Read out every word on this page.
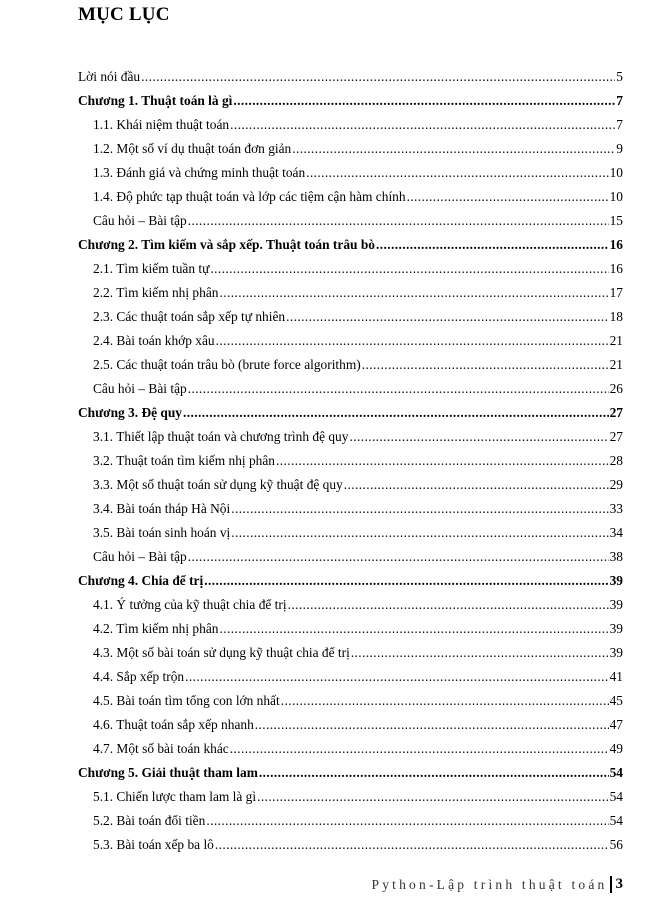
MỤC LỤC
Lời nói đầu .....	5
Chương 1. Thuật toán là gì .....	7
1.1. Khái niệm thuật toán .....	7
1.2. Một số ví dụ thuật toán đơn giản .....	9
1.3. Đánh giá và chứng minh thuật toán .....	10
1.4. Độ phức tạp thuật toán và lớp các tiệm cận hàm chính .....	10
Câu hỏi – Bài tập .....	15
Chương 2. Tìm kiếm và sắp xếp. Thuật toán trâu bò .....	16
2.1. Tìm kiếm tuần tự .....	16
2.2. Tìm kiếm nhị phân .....	17
2.3. Các thuật toán sắp xếp tự nhiên .....	18
2.4. Bài toán khớp xâu .....	21
2.5. Các thuật toán trâu bò (brute force algorithm) .....	21
Câu hỏi – Bài tập .....	26
Chương 3. Đệ quy .....	27
3.1. Thiết lập thuật toán và chương trình đệ quy .....	27
3.2. Thuật toán tìm kiếm nhị phân .....	28
3.3. Một số thuật toán sử dụng kỹ thuật đệ quy .....	29
3.4. Bài toán tháp Hà Nội .....	33
3.5. Bài toán sinh hoán vị .....	34
Câu hỏi – Bài tập .....	38
Chương 4. Chia để trị .....	39
4.1. Ý tưởng của kỹ thuật chia để trị .....	39
4.2. Tìm kiếm nhị phân .....	39
4.3. Một số bài toán sử dụng kỹ thuật chia để trị .....	39
4.4. Sắp xếp trộn .....	41
4.5. Bài toán tìm tổng con lớn nhất .....	45
4.6. Thuật toán sắp xếp nhanh .....	47
4.7. Một số bài toán khác .....	49
Chương 5. Giải thuật tham lam .....	54
5.1. Chiến lược tham lam là gì .....	54
5.2. Bài toán đổi tiền .....	54
5.3. Bài toán xếp ba lô .....	56
Python-Lập trình thuật toán 3
